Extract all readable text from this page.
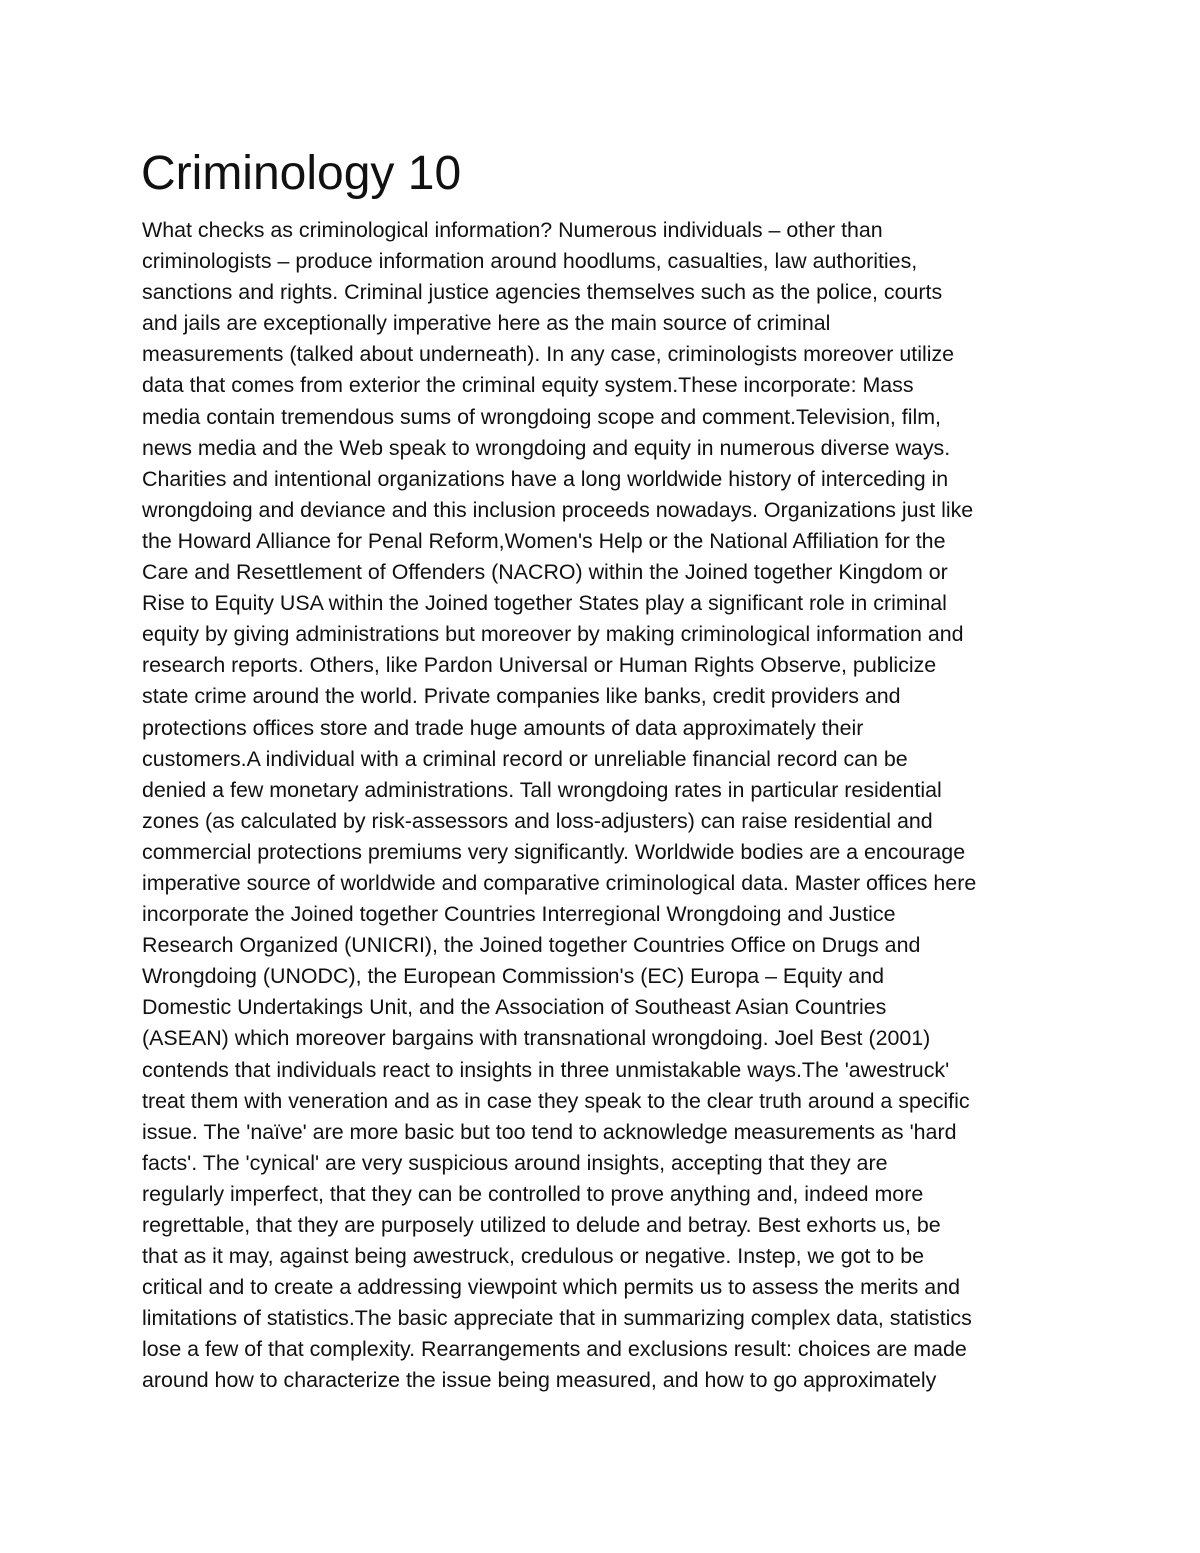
Criminology 10
What checks as criminological information? Numerous individuals – other than
criminologists – produce information around hoodlums, casualties, law authorities,
sanctions and rights. Criminal justice agencies themselves such as the police, courts
and jails are exceptionally imperative here as the main source of criminal
measurements (talked about underneath). In any case, criminologists moreover utilize
data that comes from exterior the criminal equity system.These incorporate: Mass
media contain tremendous sums of wrongdoing scope and comment.Television, film,
news media and the Web speak to wrongdoing and equity in numerous diverse ways.
Charities and intentional organizations have a long worldwide history of interceding in
wrongdoing and deviance and this inclusion proceeds nowadays. Organizations just like
the Howard Alliance for Penal Reform,Women's Help or the National Affiliation for the
Care and Resettlement of Offenders (NACRO) within the Joined together Kingdom or
Rise to Equity USA within the Joined together States play a significant role in criminal
equity by giving administrations but moreover by making criminological information and
research reports. Others, like Pardon Universal or Human Rights Observe, publicize
state crime around the world. Private companies like banks, credit providers and
protections offices store and trade huge amounts of data approximately their
customers.A individual with a criminal record or unreliable financial record can be
denied a few monetary administrations. Tall wrongdoing rates in particular residential
zones (as calculated by risk-assessors and loss-adjusters) can raise residential and
commercial protections premiums very significantly. Worldwide bodies are a encourage
imperative source of worldwide and comparative criminological data. Master offices here
incorporate the Joined together Countries Interregional Wrongdoing and Justice
Research Organized (UNICRI), the Joined together Countries Office on Drugs and
Wrongdoing (UNODC), the European Commission's (EC) Europa – Equity and
Domestic Undertakings Unit, and the Association of Southeast Asian Countries
(ASEAN) which moreover bargains with transnational wrongdoing. Joel Best (2001)
contends that individuals react to insights in three unmistakable ways.The 'awestruck'
treat them with veneration and as in case they speak to the clear truth around a specific
issue. The 'naïve' are more basic but too tend to acknowledge measurements as 'hard
facts'. The 'cynical' are very suspicious around insights, accepting that they are
regularly imperfect, that they can be controlled to prove anything and, indeed more
regrettable, that they are purposely utilized to delude and betray. Best exhorts us, be
that as it may, against being awestruck, credulous or negative. Instep, we got to be
critical and to create a addressing viewpoint which permits us to assess the merits and
limitations of statistics.The basic appreciate that in summarizing complex data, statistics
lose a few of that complexity. Rearrangements and exclusions result: choices are made
around how to characterize the issue being measured, and how to go approximately
